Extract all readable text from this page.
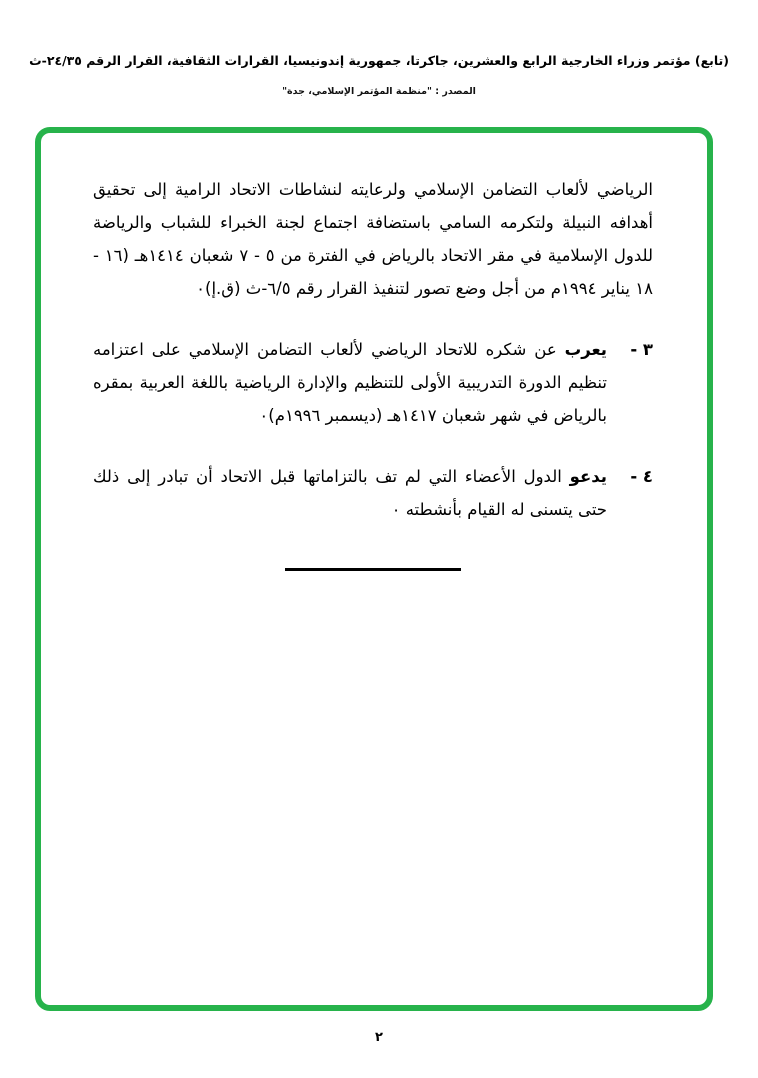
(تابع) مؤتمر وزراء الخارجية الرابع والعشرين، جاكرتا، جمهورية إندونيسيا، القرارات الثقافية، القرار الرقم ٢٤/٣٥-ث
المصدر : "منظمة المؤتمر الإسلامي، جدة"

الرياضي لألعاب التضامن الإسلامي ولرعايته لنشاطات الاتحاد الرامية إلى تحقيق أهدافه النبيلة ولتكرمه السامي باستضافة اجتماع لجنة الخبراء للشباب والرياضة للدول الإسلامية في مقر الاتحاد بالرياض في الفترة من ٥ - ٧ شعبان ١٤١٤هـ (١٦ - ١٨ يناير ١٩٩٤م من أجل وضع تصور لتنفيذ القرار رقم ٦/٥-ث (ق.إ)٠

٣ -
يعرب عن شكره للاتحاد الرياضي لألعاب التضامن الإسلامي على اعتزامه تنظيم الدورة التدريبية الأولى للتنظيم والإدارة الرياضية باللغة العربية بمقره بالرياض في شهر شعبان ١٤١٧هـ (ديسمبر ١٩٩٦م)٠
٤ -
يدعو الدول الأعضاء التي لم تف بالتزاماتها قبل الاتحاد أن تبادر إلى ذلك حتى يتسنى له القيام بأنشطته ٠
٢
